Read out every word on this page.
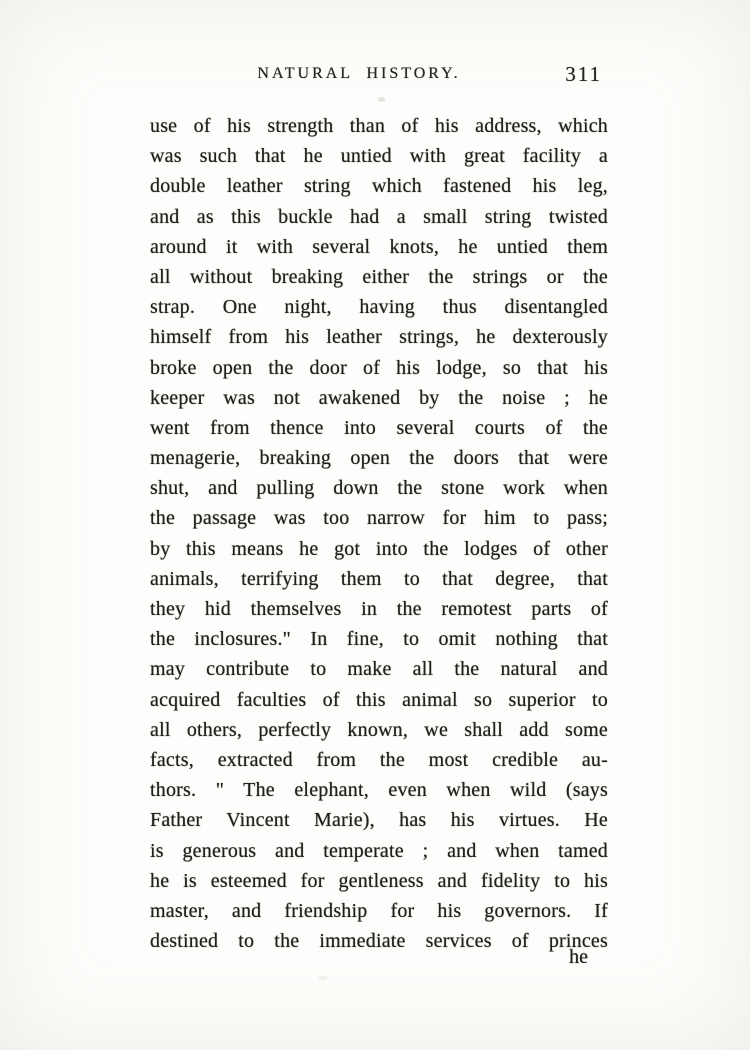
NATURAL HISTORY.	311
use of his strength than of his address, which
was such that he untied with great facility a
double leather string which fastened his leg,
and as this buckle had a small string twisted
around it with several knots, he untied them
all without breaking either the strings or the
strap. One night, having thus disentangled
himself from his leather strings, he dexterously
broke open the door of his lodge, so that his
keeper was not awakened by the noise ; he
went from thence into several courts of the
menagerie, breaking open the doors that were
shut, and pulling down the stone work when
the passage was too narrow for him to pass;
by this means he got into the lodges of other
animals, terrifying them to that degree, that
they hid themselves in the remotest parts of
the inclosures." In fine, to omit nothing that
may contribute to make all the natural and
acquired faculties of this animal so superior to
all others, perfectly known, we shall add some
facts, extracted from the most credible au-
thors. " The elephant, even when wild (says
Father Vincent Marie), has his virtues. He
is generous and temperate ; and when tamed
he is esteemed for gentleness and fidelity to his
master, and friendship for his governors. If
destined to the immediate services of princes
he
